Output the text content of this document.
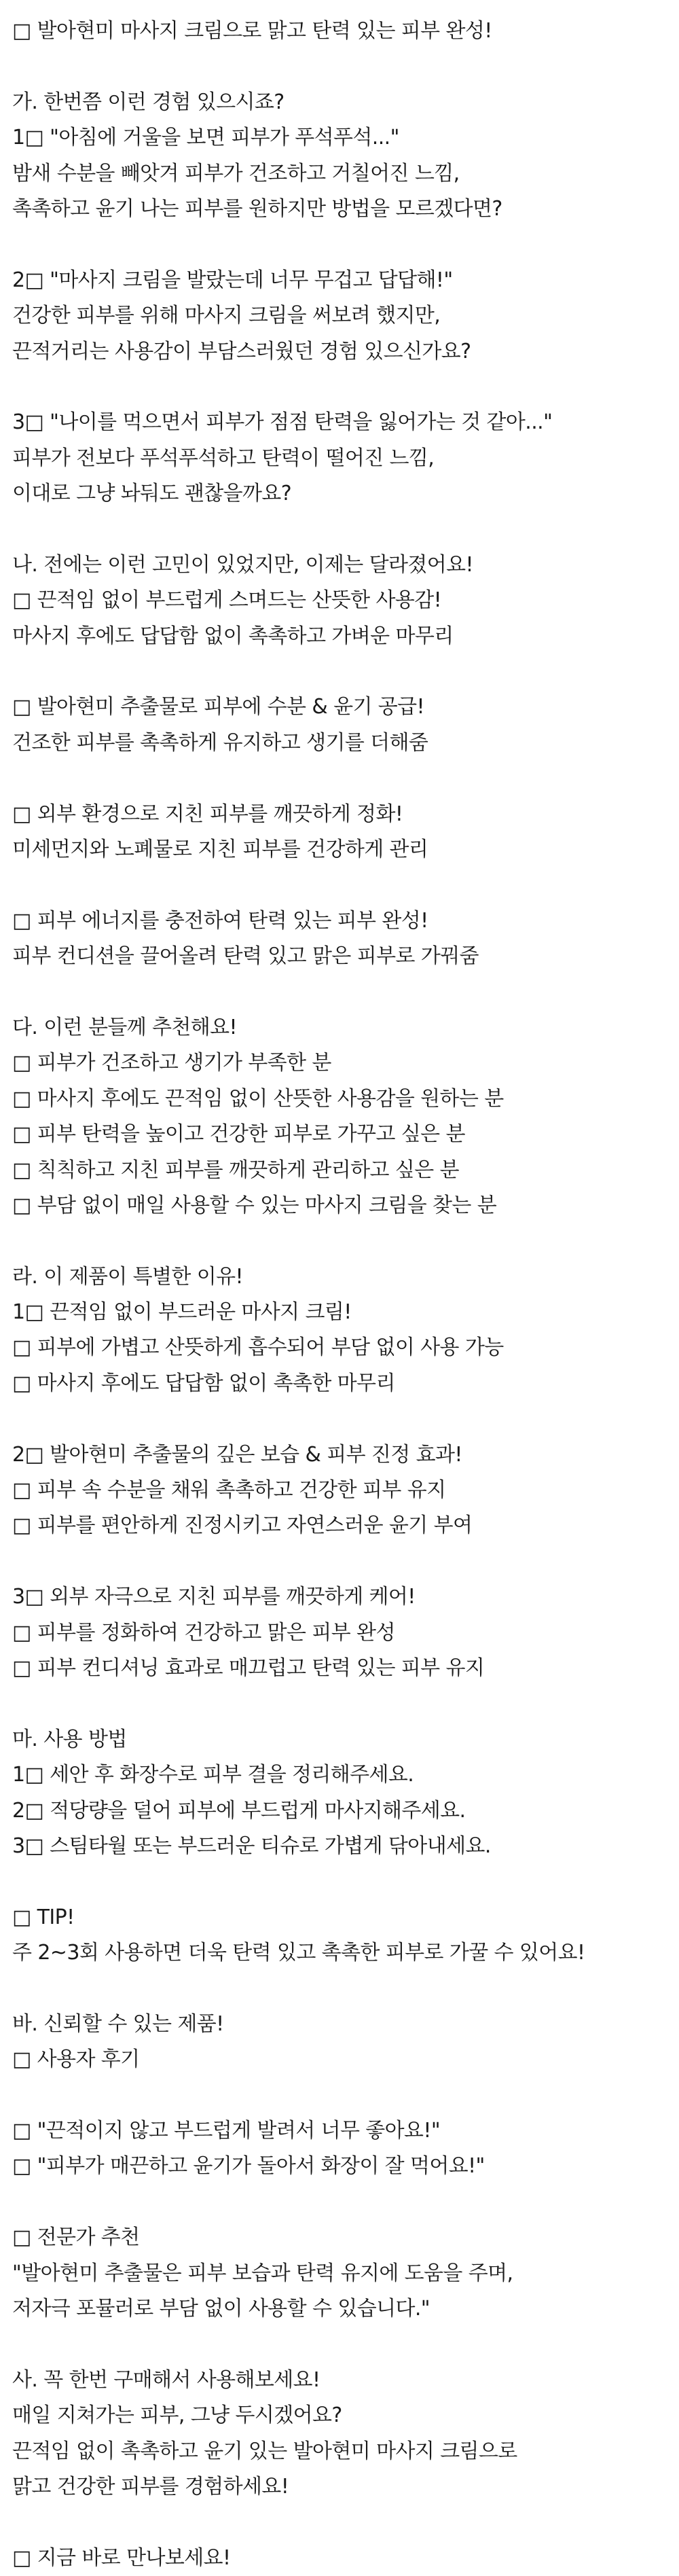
□ 발아현미 마사지 크림으로 맑고 탄력 있는 피부 완성!
가. 한번쯤 이런 경험 있으시죠?
1□ "아침에 거울을 보면 피부가 푸석푸석..."
밤새 수분을 빼앗겨 피부가 건조하고 거칠어진 느낌,
촉촉하고 윤기 나는 피부를 원하지만 방법을 모르겠다면?
2□ "마사지 크림을 발랐는데 너무 무겁고 답답해!"
건강한 피부를 위해 마사지 크림을 써보려 했지만,
끈적거리는 사용감이 부담스러웠던 경험 있으신가요?
3□ "나이를 먹으면서 피부가 점점 탄력을 잃어가는 것 같아..."
피부가 전보다 푸석푸석하고 탄력이 떨어진 느낌,
이대로 그냥 놔둬도 괜찮을까요?
나. 전에는 이런 고민이 있었지만, 이제는 달라졌어요!
□ 끈적임 없이 부드럽게 스며드는 산뜻한 사용감!
마사지 후에도 답답함 없이 촉촉하고 가벼운 마무리
□ 발아현미 추출물로 피부에 수분 & 윤기 공급!
건조한 피부를 촉촉하게 유지하고 생기를 더해줌
□ 외부 환경으로 지친 피부를 깨끗하게 정화!
미세먼지와 노폐물로 지친 피부를 건강하게 관리
□ 피부 에너지를 충전하여 탄력 있는 피부 완성!
피부 컨디션을 끌어올려 탄력 있고 맑은 피부로 가꿔줌
다. 이런 분들께 추천해요!
□ 피부가 건조하고 생기가 부족한 분
□ 마사지 후에도 끈적임 없이 산뜻한 사용감을 원하는 분
□ 피부 탄력을 높이고 건강한 피부로 가꾸고 싶은 분
□ 칙칙하고 지친 피부를 깨끗하게 관리하고 싶은 분
□ 부담 없이 매일 사용할 수 있는 마사지 크림을 찾는 분
라. 이 제품이 특별한 이유!
1□ 끈적임 없이 부드러운 마사지 크림!
□ 피부에 가볍고 산뜻하게 흡수되어 부담 없이 사용 가능
□ 마사지 후에도 답답함 없이 촉촉한 마무리
2□ 발아현미 추출물의 깊은 보습 & 피부 진정 효과!
□ 피부 속 수분을 채워 촉촉하고 건강한 피부 유지
□ 피부를 편안하게 진정시키고 자연스러운 윤기 부여
3□ 외부 자극으로 지친 피부를 깨끗하게 케어!
□ 피부를 정화하여 건강하고 맑은 피부 완성
□ 피부 컨디셔닝 효과로 매끄럽고 탄력 있는 피부 유지
마. 사용 방법
1□ 세안 후 화장수로 피부 결을 정리해주세요.
2□ 적당량을 덜어 피부에 부드럽게 마사지해주세요.
3□ 스팀타월 또는 부드러운 티슈로 가볍게 닦아내세요.
□ TIP!
주 2~3회 사용하면 더욱 탄력 있고 촉촉한 피부로 가꿀 수 있어요!
바. 신뢰할 수 있는 제품!
□ 사용자 후기
□ "끈적이지 않고 부드럽게 발려서 너무 좋아요!"
□ "피부가 매끈하고 윤기가 돌아서 화장이 잘 먹어요!"
□ 전문가 추천
"발아현미 추출물은 피부 보습과 탄력 유지에 도움을 주며,
저자극 포뮬러로 부담 없이 사용할 수 있습니다."
사. 꼭 한번 구매해서 사용해보세요!
매일 지쳐가는 피부, 그냥 두시겠어요?
끈적임 없이 촉촉하고 윤기 있는 발아현미 마사지 크림으로
맑고 건강한 피부를 경험하세요!
□ 지금 바로 만나보세요!
